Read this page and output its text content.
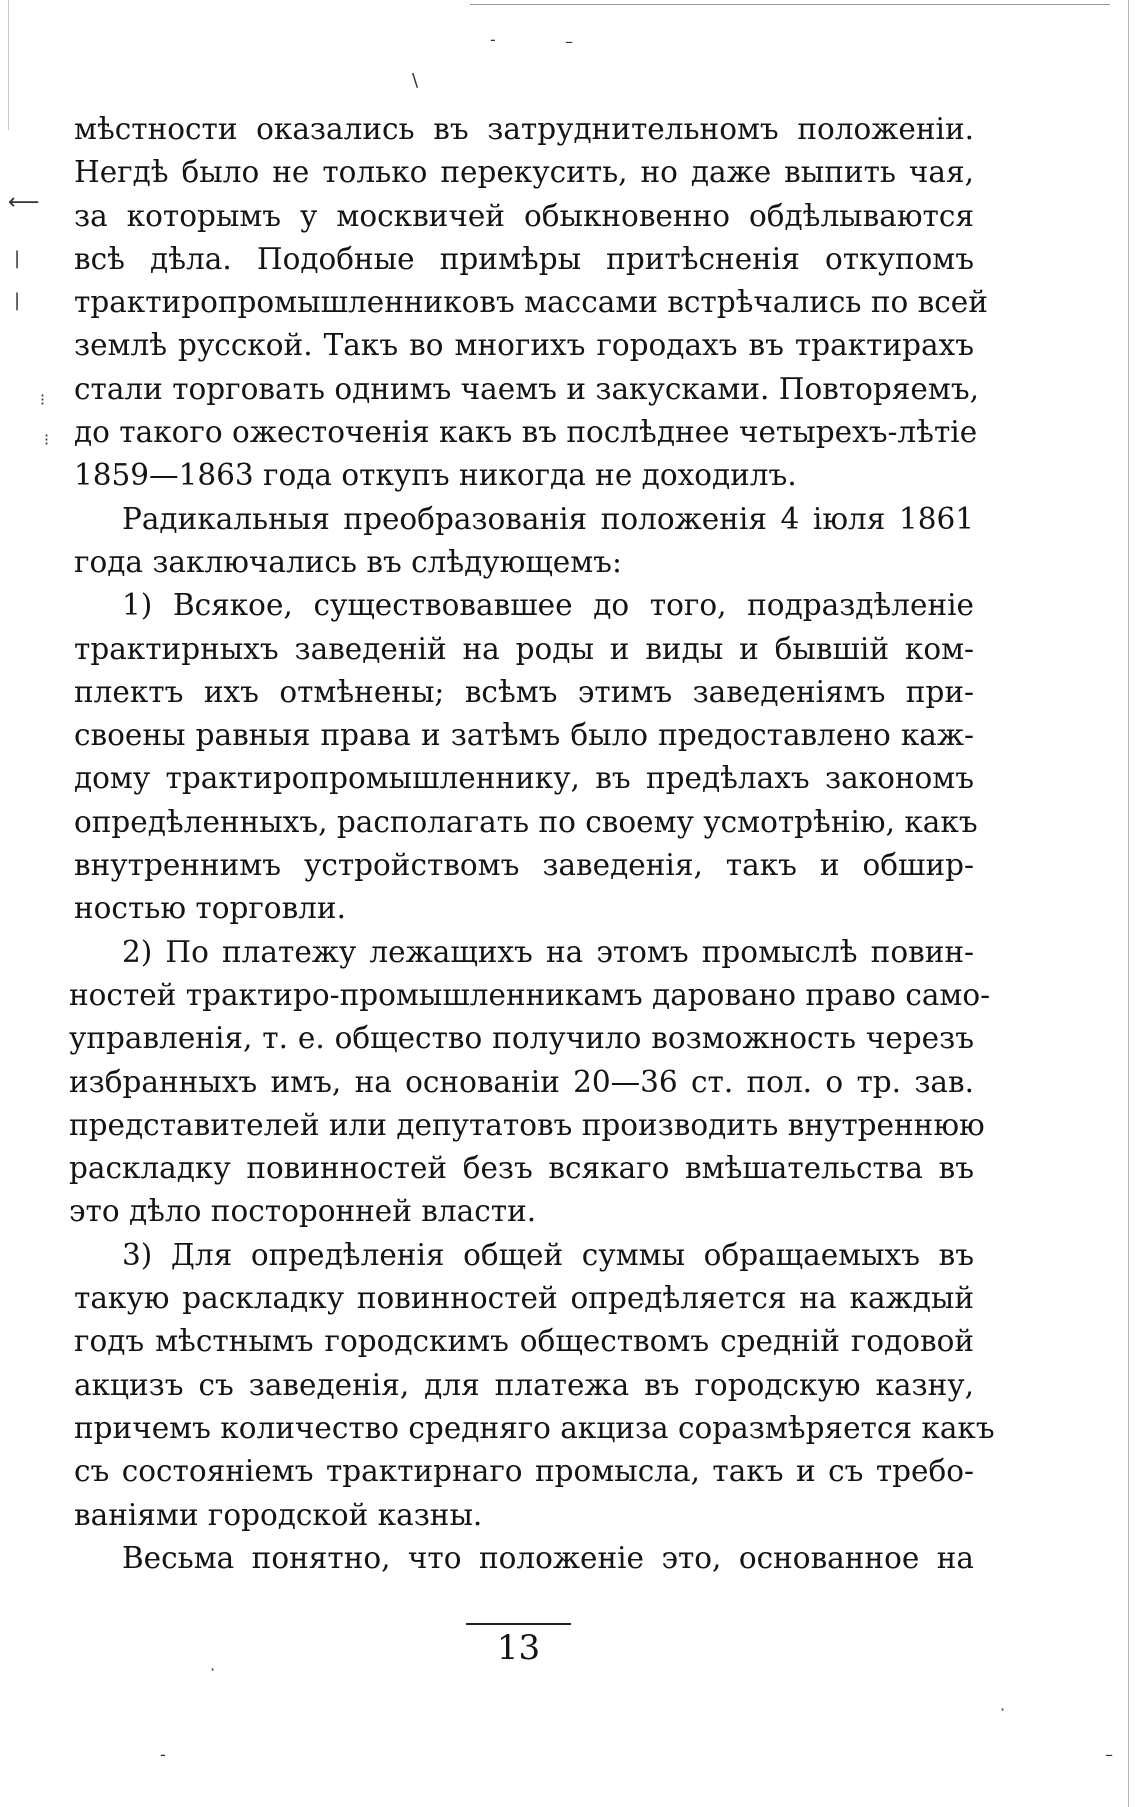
⟵
|
|
⁝
⁝
-	–
\
мѣстности оказались въ затруднительномъ положенiи.
Негдѣ было не только перекусить, но даже выпить чая,
за которымъ у москвичей обыкновенно обдѣлываются
всѣ дѣла. Подобные примѣры притѣсненiя откупомъ
трактиропромышленниковъ массами встрѣчались по всей
землѣ русской. Такъ во многихъ городахъ въ трактирахъ
стали торговать однимъ чаемъ и закусками. Повторяемъ,
до такого ожесточенiя какъ въ послѣднее четырехъ-лѣтiе
1859—1863 года откупъ никогда не доходилъ.
Радикальныя преобразованiя положенiя 4 iюля 1861
года заключались въ слѣдующемъ:
1) Всякое, существовавшее до того, подраздѣленiе
трактирныхъ заведенiй на роды и виды и бывшiй ком-
плектъ ихъ отмѣнены; всѣмъ этимъ заведенiямъ при-
своены равныя права и затѣмъ было предоставлено каж-
дому трактиропромышленнику, въ предѣлахъ закономъ
опредѣленныхъ, располагать по своему усмотрѣнiю, какъ
внутреннимъ устройствомъ заведенiя, такъ и обшир-
ностью торговли.
2) По платежу лежащихъ на этомъ промыслѣ повин-
ностей трактиро-промышленникамъ даровано право само-
управленiя, т. е. общество получило возможность черезъ
избранныхъ имъ, на основанiи 20—36 ст. пол. о тр. зав.
представителей или депутатовъ производить внутреннюю
раскладку повинностей безъ всякаго вмѣшательства въ
это дѣло посторонней власти.
3) Для опредѣленiя общей суммы обращаемыхъ въ
такую раскладку повинностей опредѣляется на каждый
годъ мѣстнымъ городскимъ обществомъ среднiй годовой
акцизъ съ заведенiя, для платежа въ городскую казну,
причемъ количество средняго акциза соразмѣряется какъ
съ состоянiемъ трактирнаго промысла, такъ и съ требо-
ванiями городской казны.
Весьма понятно, что положенiе это, основанное на
13
·
-
·
–
